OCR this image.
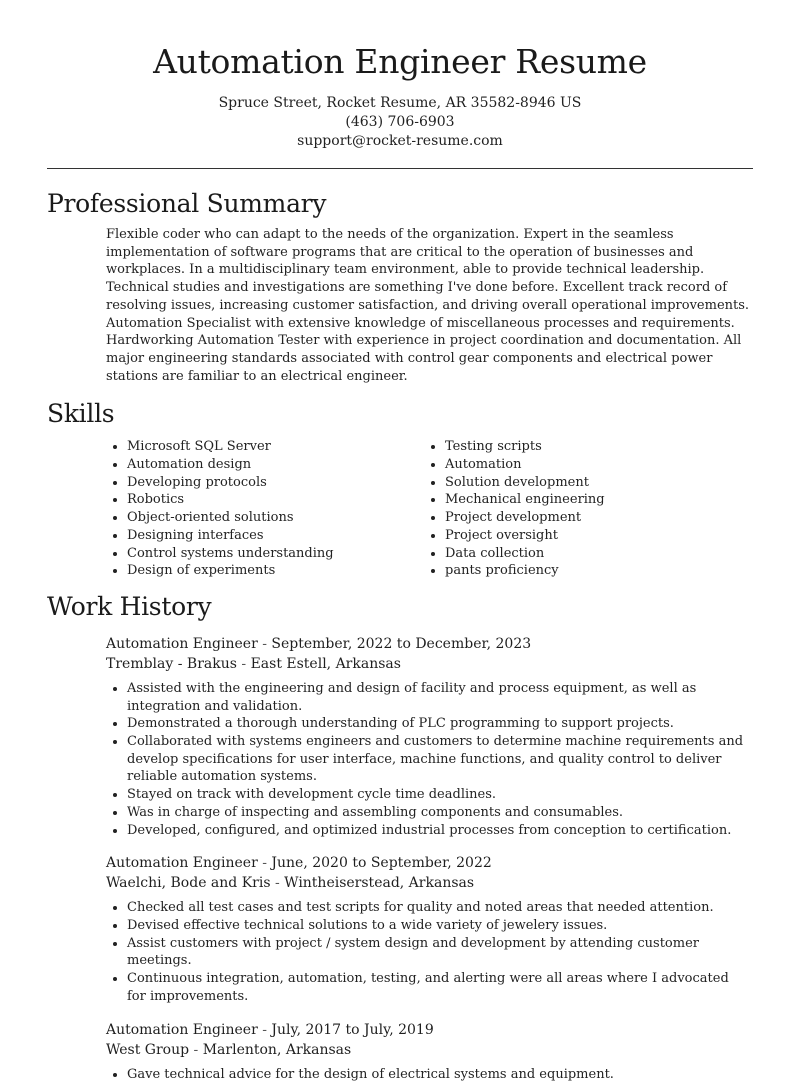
Automation Engineer Resume
Spruce Street, Rocket Resume, AR 35582-8946 US
(463) 706-6903
support@rocket-resume.com
Professional Summary

Flexible coder who can adapt to the needs of the organization. Expert in the seamless implementation of software programs that are critical to the operation of businesses and workplaces. In a multidisciplinary team environment, able to provide technical leadership. Technical studies and investigations are something I've done before. Excellent track record of resolving issues, increasing customer satisfaction, and driving overall operational improvements. Automation Specialist with extensive knowledge of miscellaneous processes and requirements. Hardworking Automation Tester with experience in project coordination and documentation. All major engineering standards associated with control gear components and electrical power stations are familiar to an electrical engineer.

Skills
• Microsoft SQL Server
• Automation design
• Developing protocols
• Robotics
• Object-oriented solutions
• Designing interfaces
• Control systems understanding
• Design of experiments
• Testing scripts
• Automation
• Solution development
• Mechanical engineering
• Project development
• Project oversight
• Data collection
• pants proficiency
Work History
Automation Engineer - September, 2022 to December, 2023
Tremblay - Brakus - East Estell, Arkansas
• Assisted with the engineering and design of facility and process equipment, as well as integration and validation.
• Demonstrated a thorough understanding of PLC programming to support projects.
• Collaborated with systems engineers and customers to determine machine requirements and develop specifications for user interface, machine functions, and quality control to deliver reliable automation systems.
• Stayed on track with development cycle time deadlines.
• Was in charge of inspecting and assembling components and consumables.
• Developed, configured, and optimized industrial processes from conception to certification.
Automation Engineer - June, 2020 to September, 2022
Waelchi, Bode and Kris - Wintheiserstead, Arkansas
• Checked all test cases and test scripts for quality and noted areas that needed attention.
• Devised effective technical solutions to a wide variety of jewelery issues.
• Assist customers with project / system design and development by attending customer meetings.
• Continuous integration, automation, testing, and alerting were all areas where I advocated for improvements.
Automation Engineer - July, 2017 to July, 2019
West Group - Marlenton, Arkansas
• Gave technical advice for the design of electrical systems and equipment.
